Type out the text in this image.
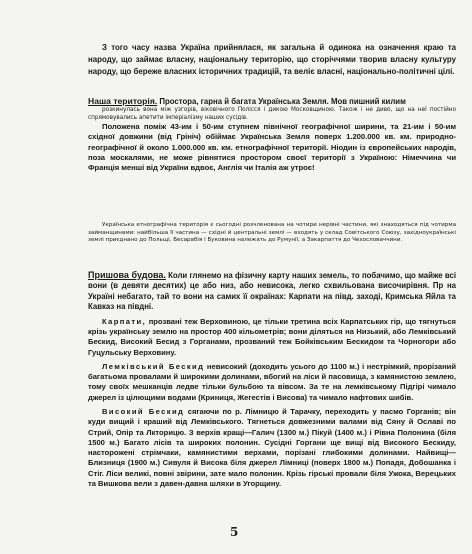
З того часу назва Україна прийнялася, як загальна й одинока на означення краю та народу, що займає власну, національну територію, що сторіччями творив власну культуру народу, що береже власних історичних традицій, та веліє власні, національно-політичні цілі.

Наша територія. Простора, гарна й багата Українська Земля. Мов пишний килим

розкинулась вона між узгорів, віковічного Полісся і дикою Московщиною. Також і не диво, що на неї постійно спрямовувались апетити імперіалізму наших сусідів.

Положена поміж 43-им і 50-им ступнем північної географічної ширини, та 21-им і 50-им східної довжини (від Грініч) обіймає Українська Земля поверх 1.200.000 кв. км. природно-географічної й около 1.000.000 кв. км. етнографічної території. Ніодин із європейських народів, поза москалями, не може рівнятися простором своєї території з Україною: Німеччина чи Франція менші від України вдвоє, Англія чи Італія аж утроє!

Українська етнографічна територія є сьогодні розчленована на чотири нерівні частини, які знаходяться під чотирма займанщинами: найбільша її частина — східні й центральні землі — входять у склад Совітського Союзу, західноукраїнські землі приєднано до Польщі, Бесарабія і Буковина належать до Румунії, а Закарпаття до Чехословаччини.

Пришова будова. Коли глянемо на фізичну карту нашиx земель, то побачимо, що майже всі вони (в девяти десятих) це або низ, або невисока, легко схвильована височирівня. Пр на Україні небагато, тай то вони на самих її окраїнах: Карпати на півд. заході, Кримська Яйла та Кавказ на півдні.

Карпати, прозвані теж Верховиною, це тільки третина всіх Карпатських гір, що тягнуться крізь українську землю на простор 400 кільометрів; вони діляться на Низький, або Лемківський Бескид, Високий Бесид з Горганами, прозваний теж Бойківським Бескидом та Чорногори або Гуцульську Верховину.

Лемківський Бескид невисокий (доходить усього до 1100 м.) і нестрімкий, прорізаний багатьома провалами й широкими долинами, вбогий на ліси й пасовища, з камянистою землею, тому своїх мешканців ледве тільки бульбою та вівсом. За те на лемківському Підгірі чимало джерел із цілющими водами (Криниця, Жегестів і Висова) та чимало нафтових шибів.

Високий Бескид сягаючи по р. Лімницю й Тарачку, переходить у пасмо Горганів; він куди вищий і краший від Лемківського. Тягнеться довжезними валами від Сяну й Ославі по Стрий, Опір та Лкторицю. З верхів кращі—Галич (1300 м.) Пікуй (1400 м.) і Рівна Полонина (біля 1500 м.) Багато лісів та широких полонин. Сусідні Горгани ще вищі від Високого Бескиду, насторожені стрімчаки, камянистими верхами, порізані глибокими долинами. Найвищі—Близниця (1900 м.) Сивуля й Висока біля джерел Лімниці (поверх 1800 м.) Попадя, Добошанка і Стіг. Ліси великі, повні звірини, зате мало полонин. Крізь гірські провали біля Ужока, Верецьких та Вишкова вели з давен-давна шляхи в Угорщину.

5
